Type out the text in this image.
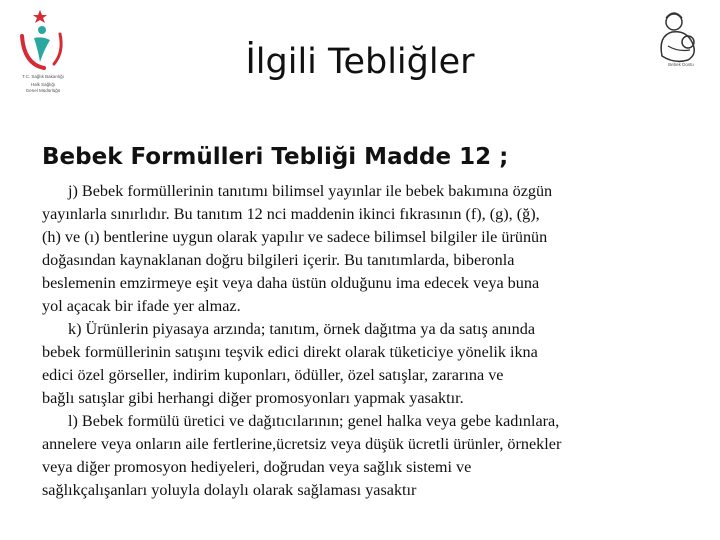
T.C. Sağlık Bakanlığı
Halk Sağlığı
Genel Müdürlüğü
Bebek Dostu
İlgili Tebliğler
Bebek Formülleri Tebliği Madde 12 ;
j) Bebek formüllerinin tanıtımı bilimsel yayınlar ile bebek bakımına özgün
yayınlarla sınırlıdır. Bu tanıtım 12 nci maddenin ikinci fıkrasının (f), (g), (ğ),
(h) ve (ı) bentlerine uygun olarak yapılır ve sadece bilimsel bilgiler ile ürünün
doğasından kaynaklanan doğru bilgileri içerir. Bu tanıtımlarda, biberonla
beslemenin emzirmeye eşit veya daha üstün olduğunu ima edecek veya buna
yol açacak bir ifade yer almaz.
k) Ürünlerin piyasaya arzında; tanıtım, örnek dağıtma ya da satış anında
bebek formüllerinin satışını teşvik edici direkt olarak tüketiciye yönelik ikna
edici özel görseller, indirim kuponları, ödüller, özel satışlar, zararına ve
bağlı satışlar gibi herhangi diğer promosyonları yapmak yasaktır.
l) Bebek formülü üretici ve dağıtıcılarının; genel halka veya gebe kadınlara,
annelere veya onların aile fertlerine,ücretsiz veya düşük ücretli ürünler, örnekler
veya diğer promosyon hediyeleri, doğrudan veya sağlık sistemi ve
sağlıkçalışanları yoluyla dolaylı olarak sağlaması yasaktır
